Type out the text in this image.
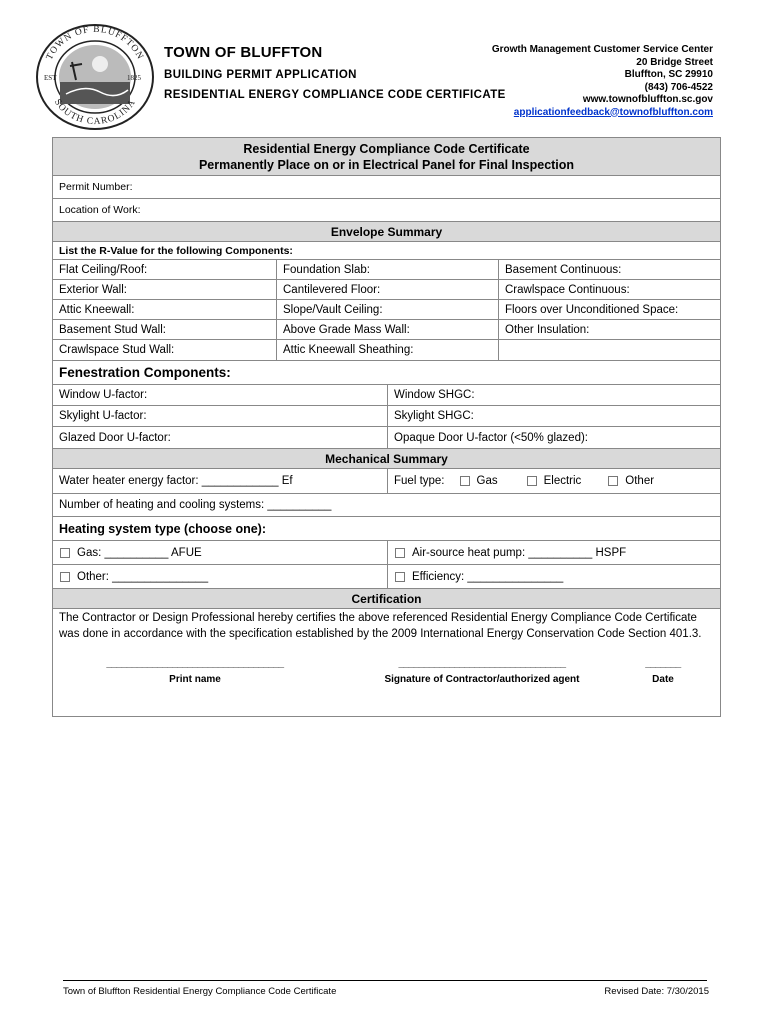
TOWN OF BLUFFTON
SOUTH CAROLINA
EST	1825
TOWN OF BLUFFTON
BUILDING PERMIT APPLICATION
RESIDENTIAL ENERGY COMPLIANCE CODE CERTIFICATE
Growth Management Customer Service Center
20 Bridge Street
Bluffton, SC 29910
(843) 706-4522
www.townofbluffton.sc.gov
applicationfeedback@townofbluffton.com
Residential Energy Compliance Code Certificate
Permanently Place on or in Electrical Panel for Final Inspection
Permit Number:
Location of Work:
Envelope Summary
List the R-Value for the following Components:
Flat Ceiling/Roof:	Foundation Slab:	Basement Continuous:
Exterior Wall:	Cantilevered Floor:	Crawlspace Continuous:
Attic Kneewall:	Slope/Vault Ceiling:	Floors over Unconditioned Space:
Basement Stud Wall:	Above Grade Mass Wall:	Other Insulation:
Crawlspace Stud Wall:	Attic Kneewall Sheathing:
Fenestration Components:
Window U-factor:	Window SHGC:
Skylight U-factor:	Skylight SHGC:
Glazed Door U-factor:	Opaque Door U-factor (<50% glazed):
Mechanical Summary
Water heater energy factor: ____________ Ef	Fuel type:	Gas	Electric	Other
Number of heating and cooling systems: __________
Heating system type (choose one):
Gas: __________ AFUE	Air-source heat pump: __________ HSPF
Other: _______________	Efficiency: _______________
Certification
The Contractor or Design Professional hereby certifies the above referenced Residential Energy Compliance Code Certificate was done in accordance with the specification established by the 2009 International Energy Conservation Code Section 401.3.
___________________________________
Print name
_________________________________
Signature of Contractor/authorized agent
_______
Date
Town of Bluffton Residential Energy Compliance Code Certificate	Revised Date: 7/30/2015
